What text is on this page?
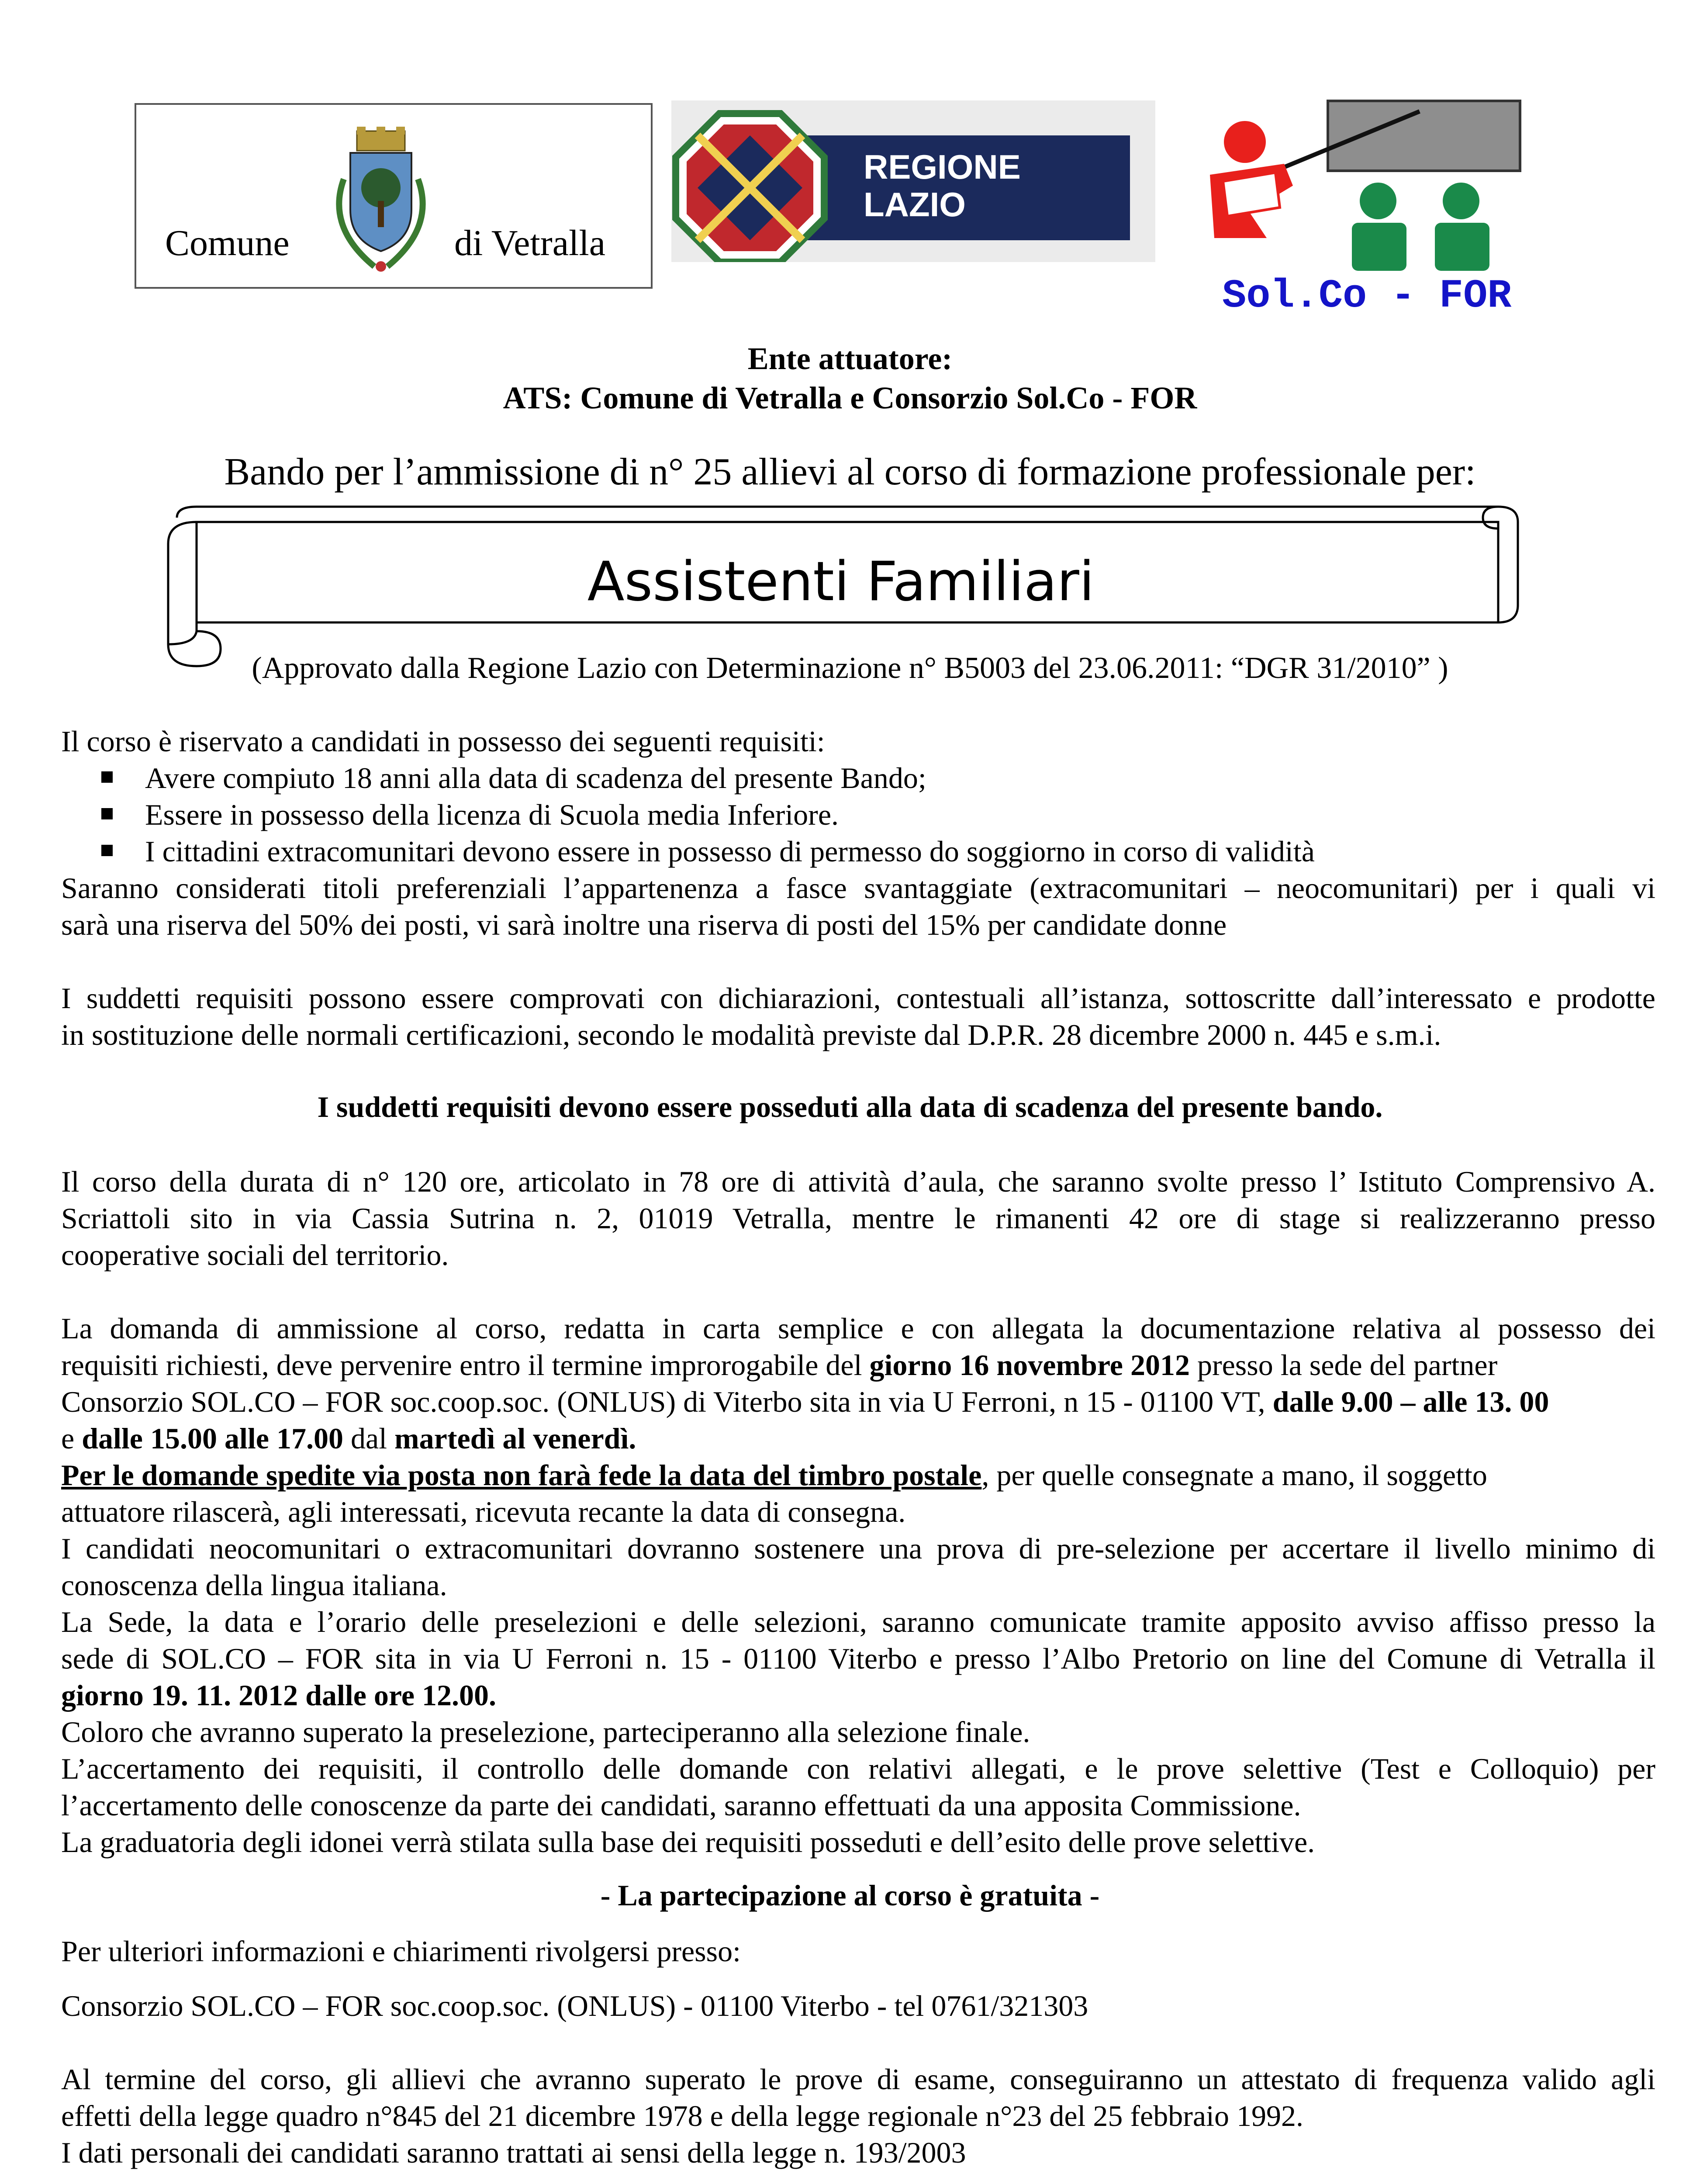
Comune	di Vetralla
REGIONE
LAZIO
Sol.Co - FOR
Ente attuatore:
ATS: Comune di Vetralla e Consorzio Sol.Co - FOR
Bando per l’ammissione di n° 25 allievi al corso di formazione professionale per:
Assistenti Familiari
(Approvato dalla Regione Lazio con Determinazione n° B5003 del 23.06.2011: “DGR 31/2010” )
Il corso è riservato a candidati in possesso dei seguenti requisiti:
Avere compiuto 18 anni alla data di scadenza del presente Bando;
Essere in possesso della licenza di Scuola media Inferiore.
I cittadini extracomunitari devono essere in possesso di permesso do soggiorno in corso di validità
Saranno considerati titoli preferenziali l’appartenenza a fasce svantaggiate (extracomunitari – neocomunitari) per i quali vi
sarà una riserva del 50% dei posti, vi sarà inoltre una riserva di posti del 15% per candidate donne
I suddetti requisiti possono essere comprovati con dichiarazioni, contestuali all’istanza, sottoscritte dall’interessato e prodotte
in sostituzione delle normali certificazioni, secondo le modalità previste dal D.P.R. 28 dicembre 2000 n. 445 e s.m.i.
I suddetti requisiti devono essere posseduti alla data di scadenza del presente bando.
Il corso della durata di n° 120 ore, articolato in 78 ore di attività d’aula, che saranno svolte presso l’ Istituto Comprensivo A.
Scriattoli sito in via Cassia Sutrina n. 2, 01019 Vetralla, mentre le rimanenti 42 ore di stage si realizzeranno presso
cooperative sociali del territorio.
La domanda di ammissione al corso, redatta in carta semplice e con allegata la documentazione relativa al possesso dei
requisiti richiesti, deve pervenire entro il termine improrogabile del giorno 16 novembre 2012 presso la sede del partner
Consorzio SOL.CO – FOR soc.coop.soc. (ONLUS) di Viterbo sita in via U Ferroni, n 15 - 01100 VT, dalle 9.00 – alle 13. 00
e dalle 15.00 alle 17.00 dal martedì al venerdì.
Per le domande spedite via posta non farà fede la data del timbro postale, per quelle consegnate a mano, il soggetto
attuatore rilascerà, agli interessati, ricevuta recante la data di consegna.
I candidati neocomunitari o extracomunitari dovranno sostenere una prova di pre-selezione per accertare il livello minimo di
conoscenza della lingua italiana.
La Sede, la data e l’orario delle preselezioni e delle selezioni, saranno comunicate tramite apposito avviso affisso presso la
sede di SOL.CO – FOR sita in via U Ferroni n. 15 - 01100 Viterbo e presso l’Albo Pretorio on line del Comune di Vetralla il
giorno 19. 11. 2012 dalle ore 12.00.
Coloro che avranno superato la preselezione, parteciperanno alla selezione finale.
L’accertamento dei requisiti, il controllo delle domande con relativi allegati, e le prove selettive (Test e Colloquio) per
l’accertamento delle conoscenze da parte dei candidati, saranno effettuati da una apposita Commissione.
La graduatoria degli idonei verrà stilata sulla base dei requisiti posseduti e dell’esito delle prove selettive.
- La partecipazione al corso è gratuita -
Per ulteriori informazioni e chiarimenti rivolgersi presso:
Consorzio SOL.CO – FOR soc.coop.soc. (ONLUS) - 01100 Viterbo - tel 0761/321303
Al termine del corso, gli allievi che avranno superato le prove di esame, conseguiranno un attestato di frequenza valido agli
effetti della legge quadro n°845 del 21 dicembre 1978 e della legge regionale n°23 del 25 febbraio 1992.
I dati personali dei candidati saranno trattati ai sensi della legge n. 193/2003
